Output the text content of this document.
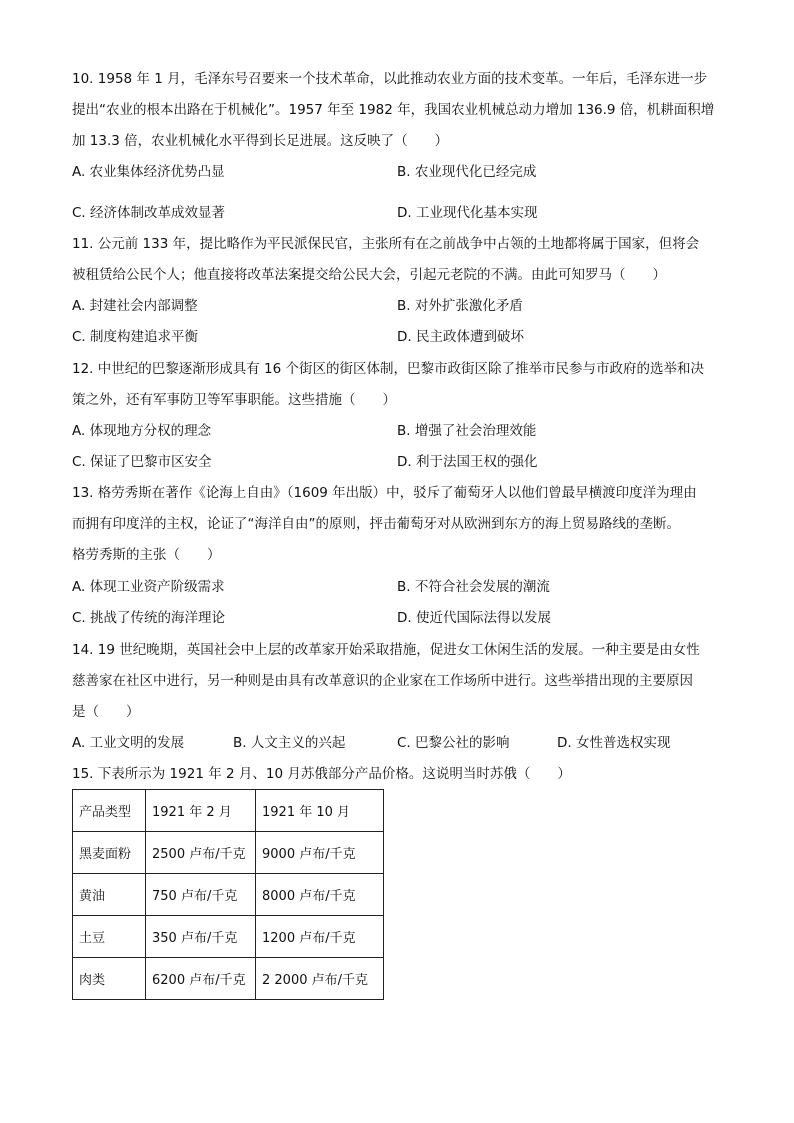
10. 1958 年 1 月，毛泽东号召要来一个技术革命，以此推动农业方面的技术变革。一年后，毛泽东进一步
提出“农业的根本出路在于机械化”。1957 年至 1982 年，我国农业机械总动力增加 136.9 倍，机耕面积增
加 13.3 倍，农业机械化水平得到长足进展。这反映了（　　）
A. 农业集体经济优势凸显	B. 农业现代化已经完成
C. 经济体制改革成效显著	D. 工业现代化基本实现
11. 公元前 133 年，提比略作为平民派保民官，主张所有在之前战争中占领的土地都将属于国家，但将会
被租赁给公民个人；他直接将改革法案提交给公民大会，引起元老院的不满。由此可知罗马（　　）
A. 封建社会内部调整	B. 对外扩张激化矛盾
C. 制度构建追求平衡	D. 民主政体遭到破坏
12. 中世纪的巴黎逐渐形成具有 16 个街区的街区体制，巴黎市政街区除了推举市民参与市政府的选举和决
策之外，还有军事防卫等军事职能。这些措施（　　）
A. 体现地方分权的理念	B. 增强了社会治理效能
C. 保证了巴黎市区安全	D. 利于法国王权的强化
13. 格劳秀斯在著作《论海上自由》（1609 年出版）中，驳斥了葡萄牙人以他们曾最早横渡印度洋为理由
而拥有印度洋的主权，论证了“海洋自由”的原则，抨击葡萄牙对从欧洲到东方的海上贸易路线的垄断。
格劳秀斯的主张（　　）
A. 体现工业资产阶级需求	B. 不符合社会发展的潮流
C. 挑战了传统的海洋理论	D. 使近代国际法得以发展
14. 19 世纪晚期，英国社会中上层的改革家开始采取措施，促进女工休闲生活的发展。一种主要是由女性
慈善家在社区中进行，另一种则是由具有改革意识的企业家在工作场所中进行。这些举措出现的主要原因
是（　　）
A. 工业文明的发展	B. 人文主义的兴起	C. 巴黎公社的影响	D. 女性普选权实现
15. 下表所示为 1921 年 2 月、10 月苏俄部分产品价格。这说明当时苏俄（　　）
产品类型	1921 年 2 月	1921 年 10 月
黑麦面粉	2500 卢布/千克	9000 卢布/千克
黄油	750 卢布/千克	8000 卢布/千克
土豆	350 卢布/千克	1200 卢布/千克
肉类	6200 卢布/千克	2 2000 卢布/千克
